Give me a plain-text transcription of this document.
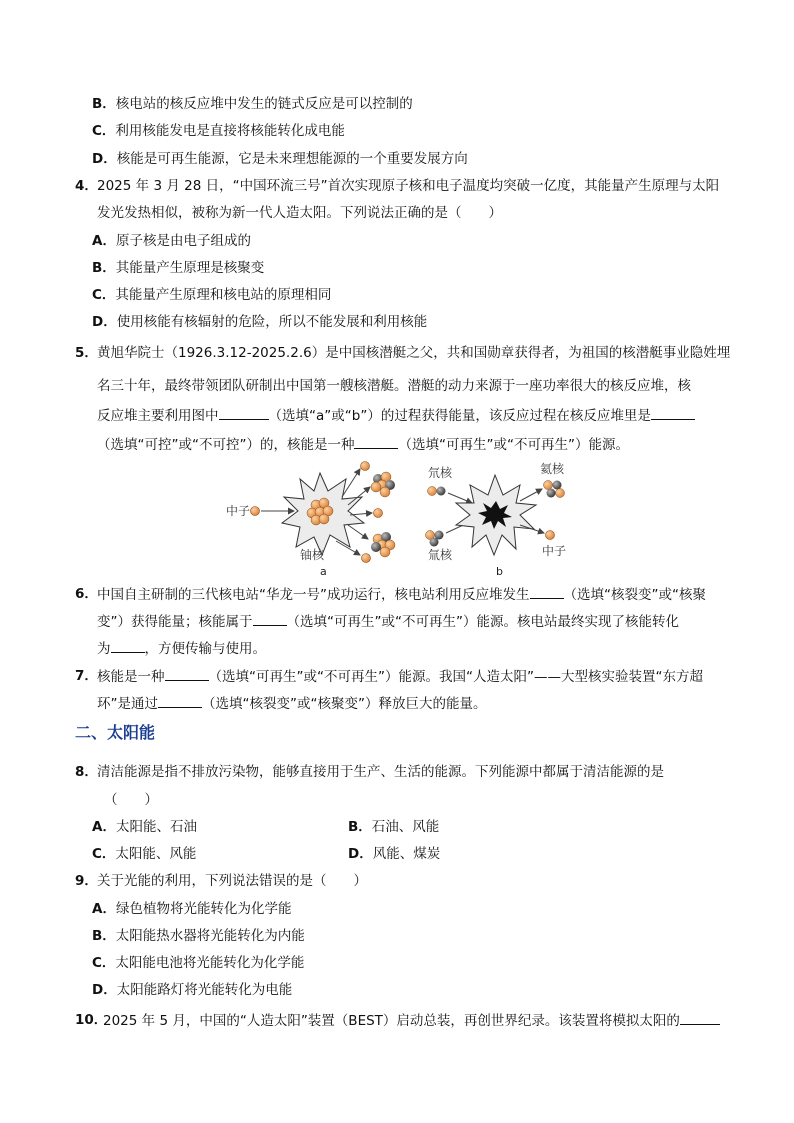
B．核电站的核反应堆中发生的链式反应是可以控制的
C．利用核能发电是直接将核能转化成电能
D．核能是可再生能源，它是未来理想能源的一个重要发展方向
4． 2025 年 3 月 28 日，“中国环流三号”首次实现原子核和电子温度均突破一亿度，其能量产生原理与太阳
发光发热相似，被称为新一代人造太阳。下列说法正确的是（　　）
A．原子核是由电子组成的
B．其能量产生原理是核聚变
C．其能量产生原理和核电站的原理相同
D．使用核能有核辐射的危险，所以不能发展和利用核能
5． 黄旭华院士（1926.3.12-2025.2.6）是中国核潜艇之父，共和国勋章获得者，为祖国的核潜艇事业隐姓埋
名三十年，最终带领团队研制出中国第一艘核潜艇。潜艇的动力来源于一座功率很大的核反应堆，核
反应堆主要利用图中	（选填“a”或“b”）的过程获得能量，该反应过程在核反应堆里是
（选填“可控”或“不可控”）的，核能是一种	（选填“可再生”或“不可再生”）能源。
中子
铀核
a
氘核
氚核
氦核
中子
b
6． 中国自主研制的三代核电站“华龙一号”成功运行，核电站利用反应堆发生	（选填“核裂变”或“核聚
变”）获得能量；核能属于	（选填“可再生”或“不可再生”）能源。核电站最终实现了核能转化
为	，方便传输与使用。
7． 核能是一种	（选填“可再生”或“不可再生”）能源。我国“人造太阳”——大型核实验装置“东方超
环”是通过	（选填“核裂变”或“核聚变”）释放巨大的能量。
二、太阳能
8． 清洁能源是指不排放污染物，能够直接用于生产、生活的能源。下列能源中都属于清洁能源的是
（　　）
A．太阳能、石油	B．石油、风能
C．太阳能、风能	D．风能、煤炭
9． 关于光能的利用，下列说法错误的是（　　）
A．绿色植物将光能转化为化学能
B．太阳能热水器将光能转化为内能
C．太阳能电池将光能转化为化学能
D．太阳能路灯将光能转化为电能
10．
2025 年 5 月，中国的“人造太阳”装置（BEST）启动总装，再创世界纪录。该装置将模拟太阳的
